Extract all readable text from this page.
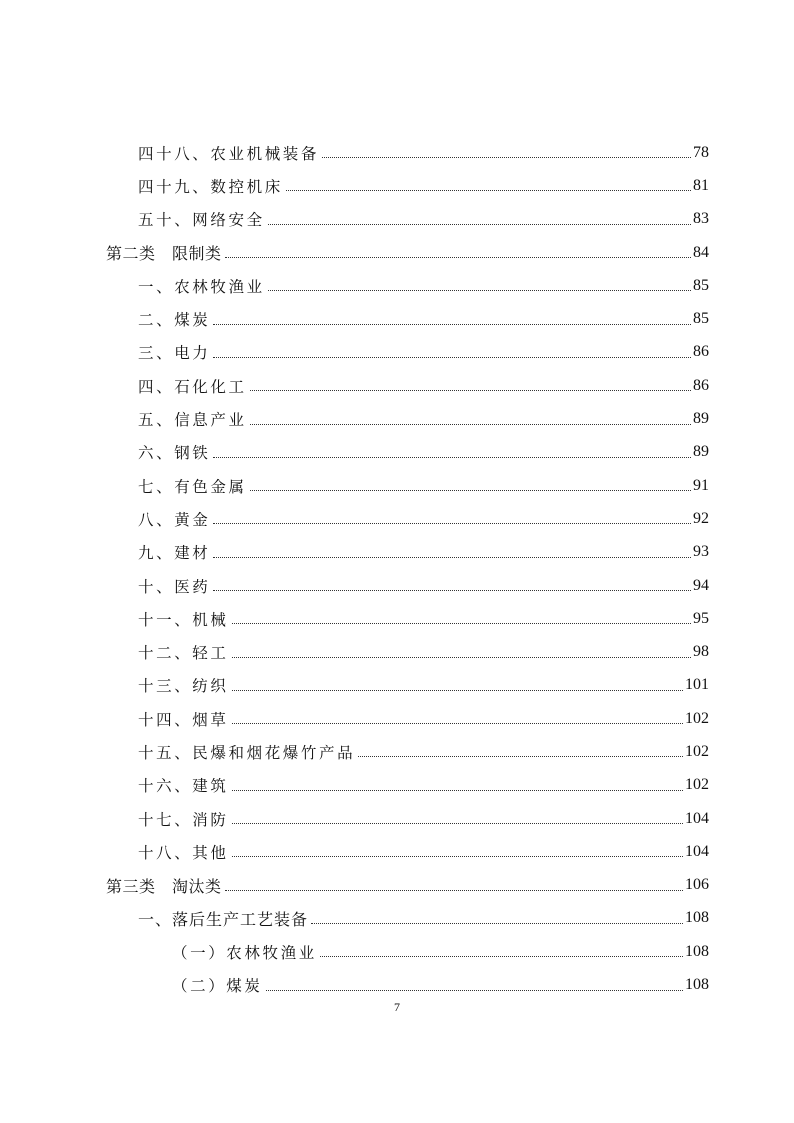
四十八、农业机械装备	78
四十九、数控机床	81
五十、网络安全	83
第二类　限制类	84
一、农林牧渔业	85
二、煤炭	85
三、电力	86
四、石化化工	86
五、信息产业	89
六、钢铁	89
七、有色金属	91
八、黄金	92
九、建材	93
十、医药	94
十一、机械	95
十二、轻工	98
十三、纺织	101
十四、烟草	102
十五、民爆和烟花爆竹产品	102
十六、建筑	102
十七、消防	104
十八、其他	104
第三类　淘汰类	106
一、落后生产工艺装备	108
（一）农林牧渔业	108
（二）煤炭	108
7
